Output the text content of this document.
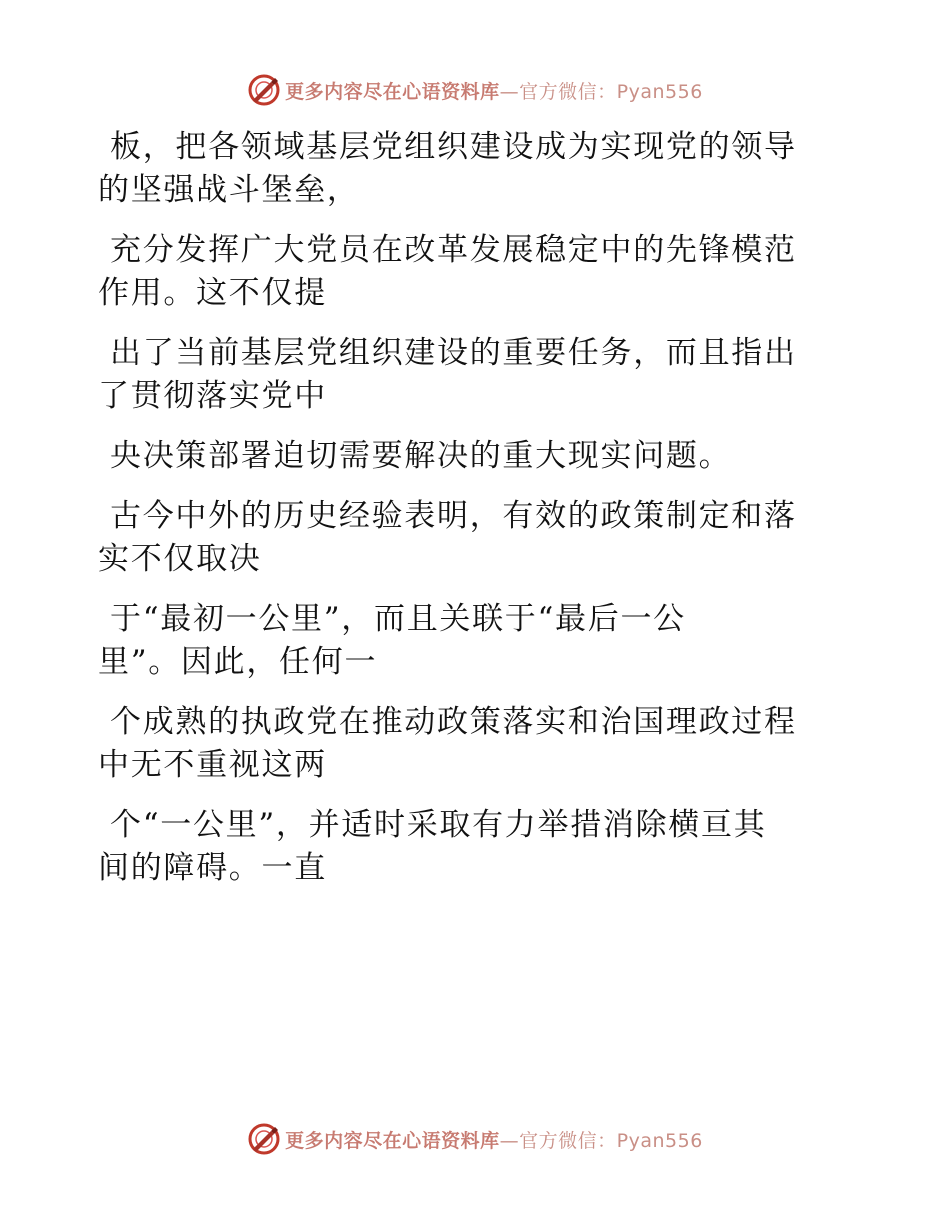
更多内容尽在心语资料库—官方微信：Pyan556
板，把各领域基层党组织建设成为实现党的领导
的坚强战斗堡垒，
充分发挥广大党员在改革发展稳定中的先锋模范
作用。这不仅提
出了当前基层党组织建设的重要任务，而且指出
了贯彻落实党中
央决策部署迫切需要解决的重大现实问题。
古今中外的历史经验表明，有效的政策制定和落
实不仅取决
于“最初一公里”，而且关联于“最后一公
里”。因此，任何一
个成熟的执政党在推动政策落实和治国理政过程
中无不重视这两
个“一公里”，并适时采取有力举措消除横亘其
间的障碍。一直
更多内容尽在心语资料库—官方微信：Pyan556
